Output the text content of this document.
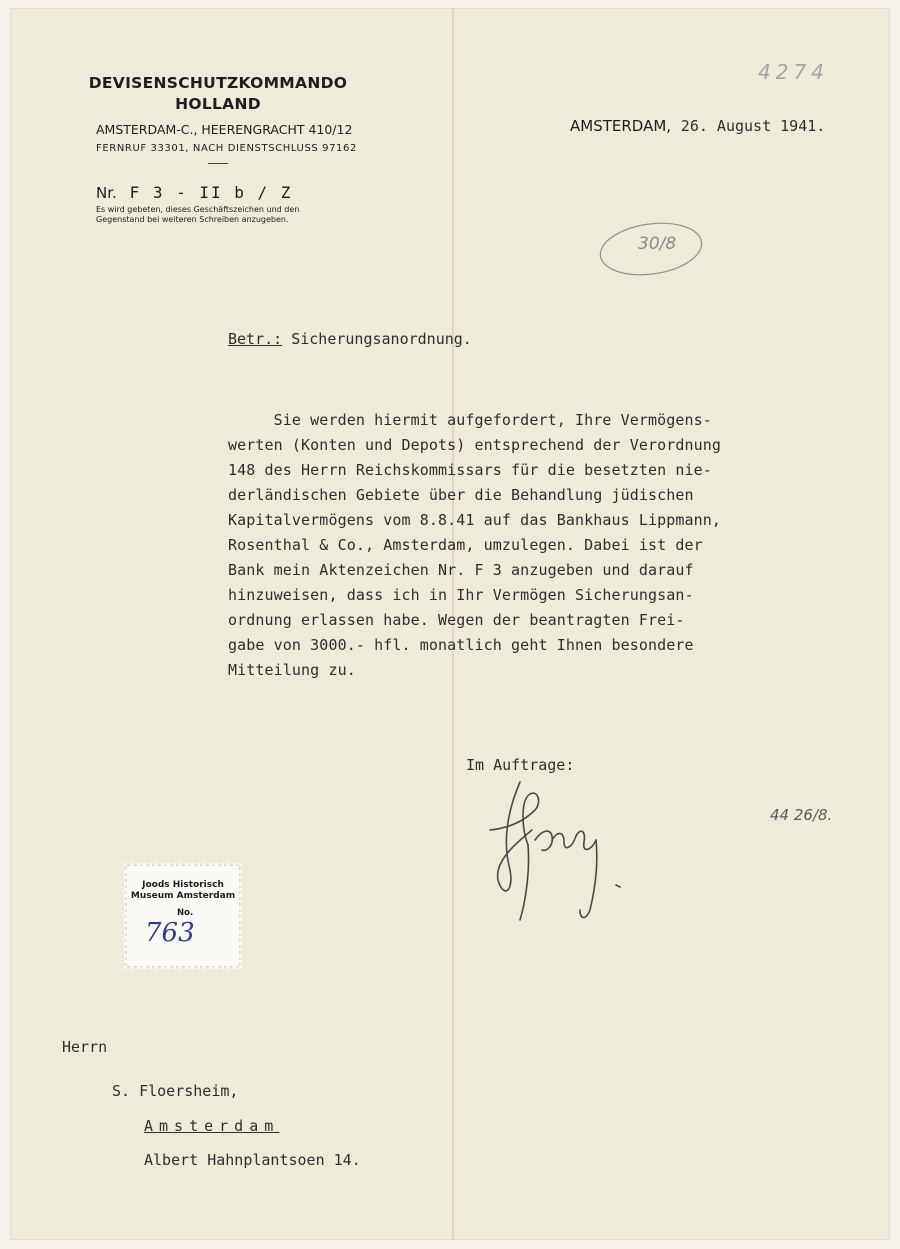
DEVISENSCHUTZKOMMANDO
HOLLAND
AMSTERDAM-C., HEERENGRACHT 410/12
FERNRUF 33301, NACH DIENSTSCHLUSS 97162
Nr. F 3 - II b / Z
Es wird gebeten, dieses Geschäftszeichen und den
Gegenstand bei weiteren Schreiben anzugeben.
AMSTERDAM, 26. August 1941.
4274
30/8
44 26/8.
Betr.: Sicherungsanordnung.
Sie werden hiermit aufgefordert, Ihre Vermögens-
werten (Konten und Depots) entsprechend der Verordnung
148 des Herrn Reichskommissars für die besetzten nie-
derländischen Gebiete über die Behandlung jüdischen
Kapitalvermögens vom 8.8.41 auf das Bankhaus Lippmann,
Rosenthal & Co., Amsterdam, umzulegen. Dabei ist der
Bank mein Aktenzeichen Nr. F 3 anzugeben und darauf
hinzuweisen, dass ich in Ihr Vermögen Sicherungsan-
ordnung erlassen habe. Wegen der beantragten Frei-
gabe von 3000.- hfl. monatlich geht Ihnen besondere
Mitteilung zu.
Im Auftrage:
Joods Historisch
Museum Amsterdam
No.
763
Herrn
S. Floersheim,
Amsterdam
Albert Hahnplantsoen 14.
